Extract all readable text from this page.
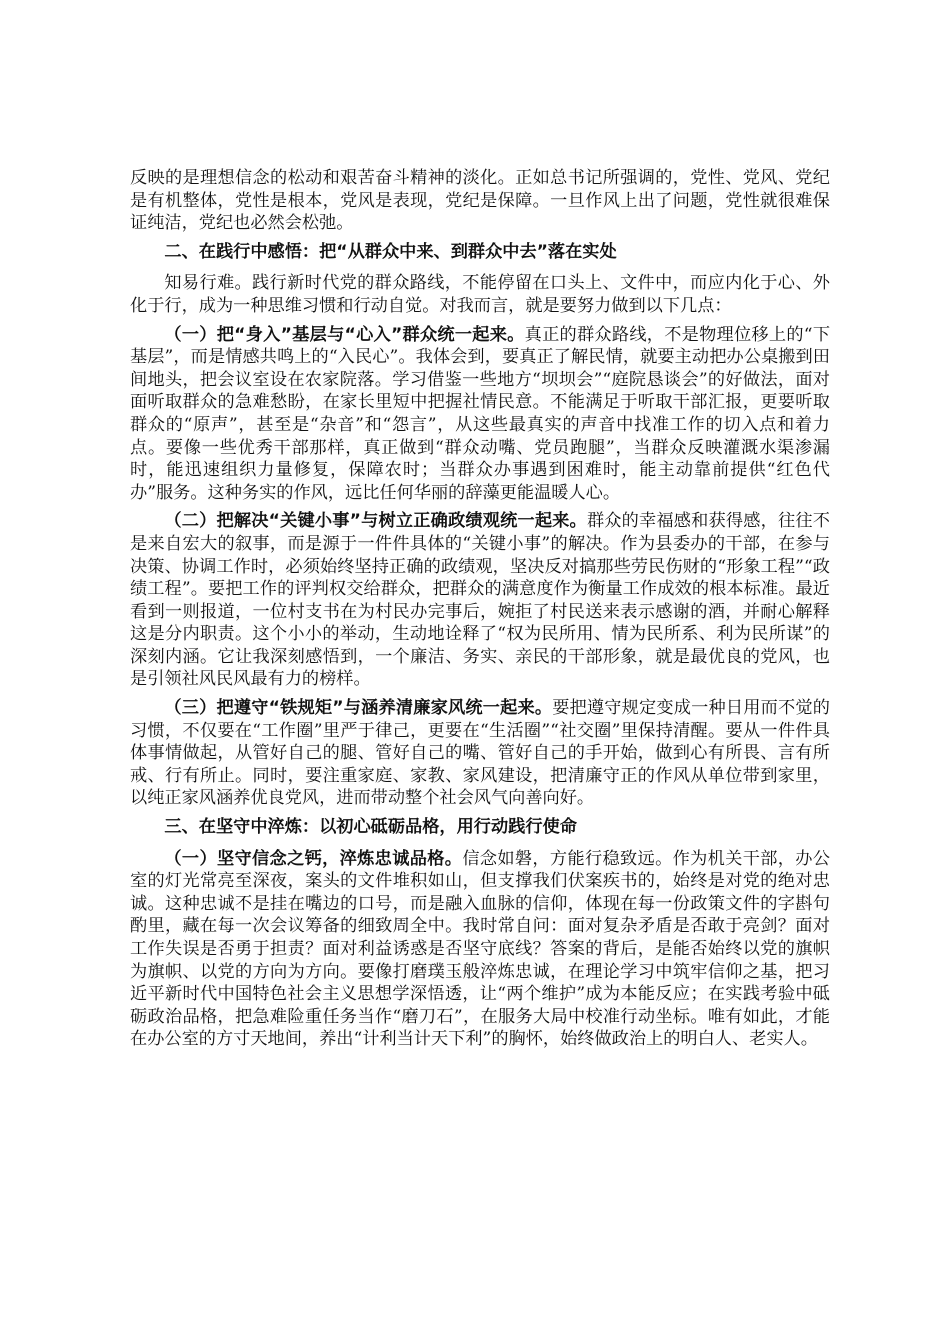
反映的是理想信念的松动和艰苦奋斗精神的淡化。正如总书记所强调的，党性、党风、党纪是有机整体，党性是根本，党风是表现，党纪是保障。一旦作风上出了问题，党性就很难保证纯洁，党纪也必然会松弛。

二、在践行中感悟：把“从群众中来、到群众中去”落在实处

知易行难。践行新时代党的群众路线，不能停留在口头上、文件中，而应内化于心、外化于行，成为一种思维习惯和行动自觉。对我而言，就是要努力做到以下几点：

（一）把“身入”基层与“心入”群众统一起来。真正的群众路线，不是物理位移上的“下基层”，而是情感共鸣上的“入民心”。我体会到，要真正了解民情，就要主动把办公桌搬到田间地头，把会议室设在农家院落。学习借鉴一些地方“坝坝会”“庭院恳谈会”的好做法，面对面听取群众的急难愁盼，在家长里短中把握社情民意。不能满足于听取干部汇报，更要听取群众的“原声”，甚至是“杂音”和“怨言”，从这些最真实的声音中找准工作的切入点和着力点。要像一些优秀干部那样，真正做到“群众动嘴、党员跑腿”，当群众反映灌溉水渠渗漏时，能迅速组织力量修复，保障农时；当群众办事遇到困难时，能主动靠前提供“红色代办”服务。这种务实的作风，远比任何华丽的辞藻更能温暖人心。

（二）把解决“关键小事”与树立正确政绩观统一起来。群众的幸福感和获得感，往往不是来自宏大的叙事，而是源于一件件具体的“关键小事”的解决。作为县委办的干部，在参与决策、协调工作时，必须始终坚持正确的政绩观，坚决反对搞那些劳民伤财的“形象工程”“政绩工程”。要把工作的评判权交给群众，把群众的满意度作为衡量工作成效的根本标准。最近看到一则报道，一位村支书在为村民办完事后，婉拒了村民送来表示感谢的酒，并耐心解释这是分内职责。这个小小的举动，生动地诠释了“权为民所用、情为民所系、利为民所谋”的深刻内涵。它让我深刻感悟到，一个廉洁、务实、亲民的干部形象，就是最优良的党风，也是引领社风民风最有力的榜样。

（三）把遵守“铁规矩”与涵养清廉家风统一起来。要把遵守规定变成一种日用而不觉的习惯，不仅要在“工作圈”里严于律己，更要在“生活圈”“社交圈”里保持清醒。要从一件件具体事情做起，从管好自己的腿、管好自己的嘴、管好自己的手开始，做到心有所畏、言有所戒、行有所止。同时，要注重家庭、家教、家风建设，把清廉守正的作风从单位带到家里，以纯正家风涵养优良党风，进而带动整个社会风气向善向好。

三、在坚守中淬炼：以初心砥砺品格，用行动践行使命

（一）坚守信念之钙，淬炼忠诚品格。信念如磐，方能行稳致远。作为机关干部，办公室的灯光常亮至深夜，案头的文件堆积如山，但支撑我们伏案疾书的，始终是对党的绝对忠诚。这种忠诚不是挂在嘴边的口号，而是融入血脉的信仰，体现在每一份政策文件的字斟句酌里，藏在每一次会议筹备的细致周全中。我时常自问：面对复杂矛盾是否敢于亮剑？面对工作失误是否勇于担责？面对利益诱惑是否坚守底线？答案的背后，是能否始终以党的旗帜为旗帜、以党的方向为方向。要像打磨璞玉般淬炼忠诚，在理论学习中筑牢信仰之基，把习近平新时代中国特色社会主义思想学深悟透，让“两个维护”成为本能反应；在实践考验中砥砺政治品格，把急难险重任务当作“磨刀石”，在服务大局中校准行动坐标。唯有如此，才能在办公室的方寸天地间，养出“计利当计天下利”的胸怀，始终做政治上的明白人、老实人。
